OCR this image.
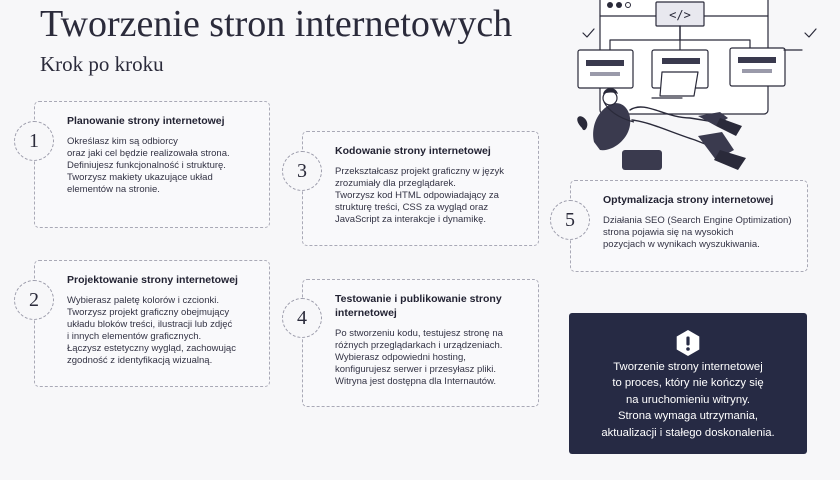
Tworzenie stron internetowych
Krok po kroku
Planowanie strony internetowej

Określasz kim są odbiorcy
oraz jaki cel będzie realizowała strona.
Definiujesz funkcjonalność i strukturę.
Tworzysz makiety ukazujące układ
elementów na stronie.

1
Projektowanie strony internetowej

Wybierasz paletę kolorów i czcionki.
Tworzysz projekt graficzny obejmujący
układu bloków treści, ilustracji lub zdjęć
i innych elementów graficznych.
Łączysz estetyczny wygląd, zachowując
zgodność z identyfikacją wizualną.

2
Kodowanie strony internetowej

Przekształcasz projekt graficzny w język
zrozumiały dla przeglądarek.
Tworzysz kod HTML odpowiadający za
strukturę treści, CSS za wygląd oraz
JavaScript za interakcje i dynamikę.

3
Testowanie i publikowanie strony
internetowej

Po stworzeniu kodu, testujesz stronę na
różnych przeglądarkach i urządzeniach.
Wybierasz odpowiedni hosting,
konfigurujesz serwer i przesyłasz pliki.
Witryna jest dostępna dla Internautów.

4
Optymalizacja strony internetowej

Działania SEO (Search Engine Optimization)
strona pojawia się na wysokich
pozycjach w wynikach wyszukiwania.

5

Tworzenie strony internetowej
to proces, który nie kończy się
na uruchomieniu witryny.
Strona wymaga utrzymania,
aktualizacji i stałego doskonalenia.

</>
